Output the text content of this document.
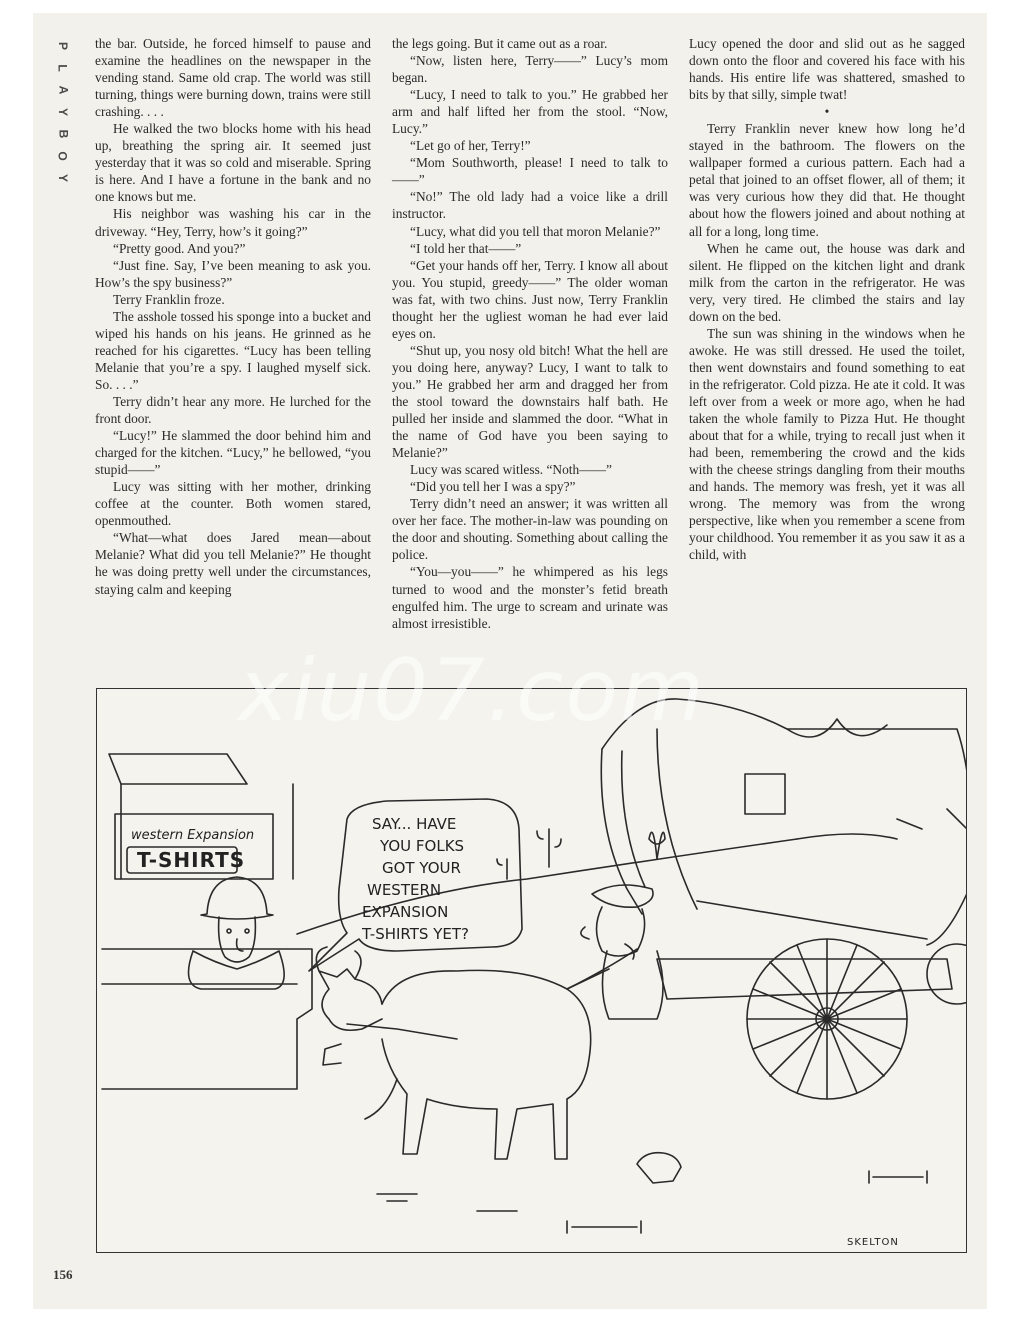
P
L
A
Y
B
O
Y

the bar. Outside, he forced himself to pause and examine the headlines on the newspaper in the vending stand. Same old crap. The world was still turning, things were burning down, trains were still crashing. . . .

He walked the two blocks home with his head up, breathing the spring air. It seemed just yesterday that it was so cold and miserable. Spring is here. And I have a fortune in the bank and no one knows but me.

His neighbor was washing his car in the driveway. “Hey, Terry, how’s it going?”

“Pretty good. And you?”

“Just fine. Say, I’ve been meaning to ask you. How’s the spy business?”

Terry Franklin froze.

The asshole tossed his sponge into a bucket and wiped his hands on his jeans. He grinned as he reached for his cigarettes. “Lucy has been telling Melanie that you’re a spy. I laughed myself sick. So. . . .”

Terry didn’t hear any more. He lurched for the front door.

“Lucy!” He slammed the door behind him and charged for the kitchen. “Lucy,” he bellowed, “you stupid——”

Lucy was sitting with her mother, drinking coffee at the counter. Both women stared, openmouthed.

“What—what does Jared mean—about Melanie? What did you tell Melanie?” He thought he was doing pretty well under the circumstances, staying calm and keeping

the legs going. But it came out as a roar.

“Now, listen here, Terry——” Lucy’s mom began.

“Lucy, I need to talk to you.” He grabbed her arm and half lifted her from the stool. “Now, Lucy.”

“Let go of her, Terry!”

“Mom Southworth, please! I need to talk to——”

“No!” The old lady had a voice like a drill instructor.

“Lucy, what did you tell that moron Melanie?”

“I told her that——”

“Get your hands off her, Terry. I know all about you. You stupid, greedy——” The older woman was fat, with two chins. Just now, Terry Franklin thought her the ugliest woman he had ever laid eyes on.

“Shut up, you nosy old bitch! What the hell are you doing here, anyway? Lucy, I want to talk to you.” He grabbed her arm and dragged her from the stool toward the downstairs half bath. He pulled her inside and slammed the door. “What in the name of God have you been saying to Melanie?”

Lucy was scared witless. “Noth——”

“Did you tell her I was a spy?”

Terry didn’t need an answer; it was written all over her face. The mother-in-law was pounding on the door and shouting. Something about calling the police.

“You—you——” he whimpered as his legs turned to wood and the monster’s fetid breath engulfed him. The urge to scream and urinate was almost irresistible.

Lucy opened the door and slid out as he sagged down onto the floor and covered his face with his hands. His entire life was shattered, smashed to bits by that silly, simple twat!

•

Terry Franklin never knew how long he’d stayed in the bathroom. The flowers on the wallpaper formed a curious pattern. Each had a petal that joined to an offset flower, all of them; it was very curious how they did that. He thought about how the flowers joined and about nothing at all for a long, long time.

When he came out, the house was dark and silent. He flipped on the kitchen light and drank milk from the carton in the refrigerator. He was very, very tired. He climbed the stairs and lay down on the bed.

The sun was shining in the windows when he awoke. He was still dressed. He used the toilet, then went downstairs and found something to eat in the refrigerator. Cold pizza. He ate it cold. It was left over from a week or more ago, when he had taken the whole family to Pizza Hut. He thought about that for a while, trying to recall just when it had been, remembering the crowd and the kids with the cheese strings dangling from their mouths and hands. The memory was fresh, yet it was all wrong. The memory was from the wrong perspective, like when you remember a scene from your childhood. You remember it as you saw it as a child, with

western Expansion
T-SHIRTS
SAY... HAVE
YOU FOLKS
GOT YOUR
WESTERN
EXPANSION
T-SHIRTS YET?
SKELTON
156
xiu07.com
